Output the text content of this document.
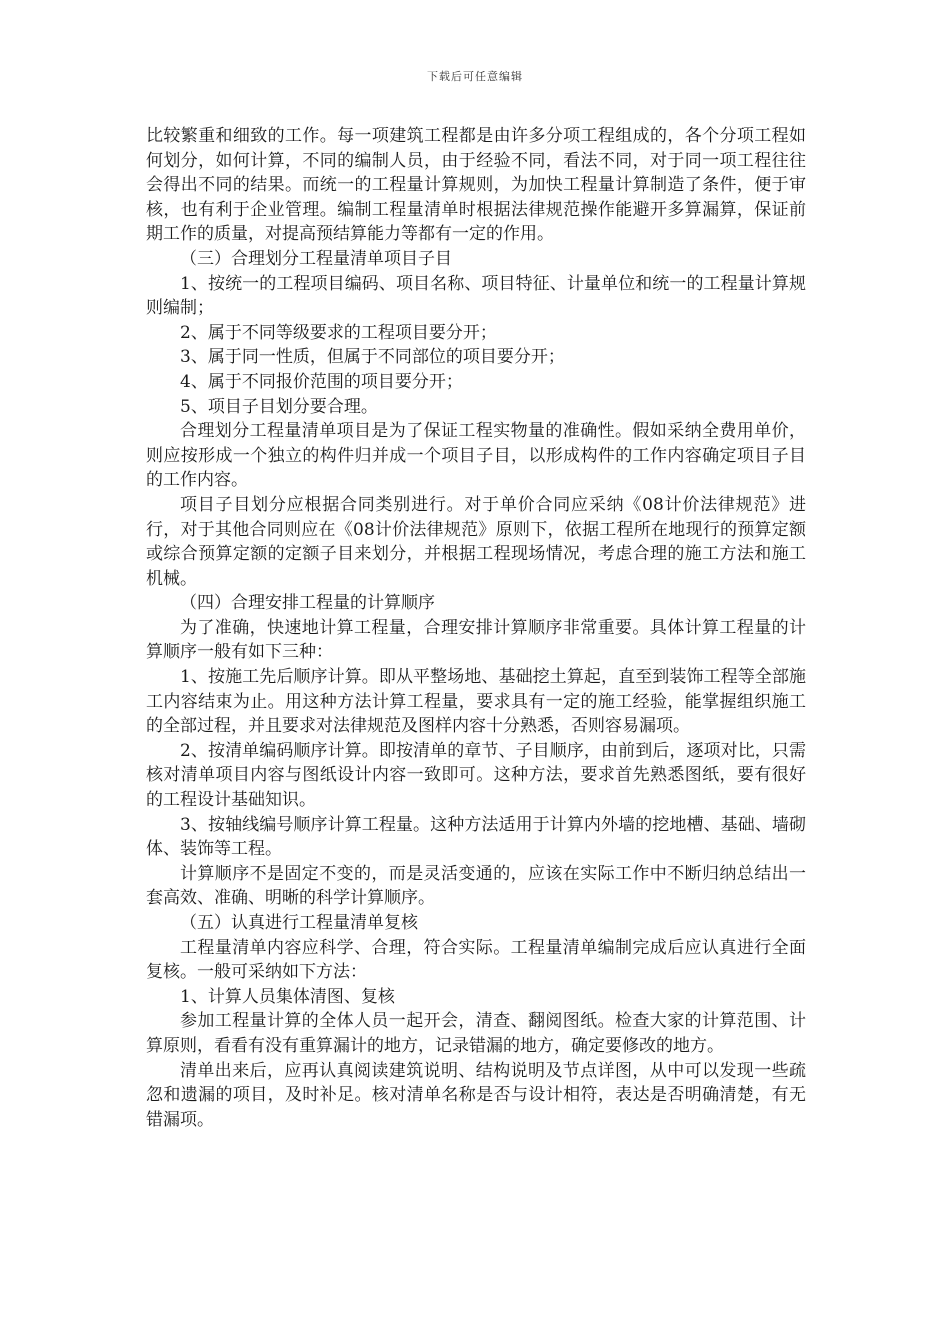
下载后可任意编辑

比较繁重和细致的工作。每一项建筑工程都是由许多分项工程组成的，各个分项工程如何划分，如何计算，不同的编制人员，由于经验不同，看法不同，对于同一项工程往往会得出不同的结果。而统一的工程量计算规则，为加快工程量计算制造了条件，便于审核，也有利于企业管理。编制工程量清单时根据法律规范操作能避开多算漏算，保证前期工作的质量，对提高预结算能力等都有一定的作用。

（三）合理划分工程量清单项目子目

1、按统一的工程项目编码、项目名称、项目特征、计量单位和统一的工程量计算规则编制；

2、属于不同等级要求的工程项目要分开；

3、属于同一性质，但属于不同部位的项目要分开；

4、属于不同报价范围的项目要分开；

5、项目子目划分要合理。

合理划分工程量清单项目是为了保证工程实物量的准确性。假如采纳全费用单价，则应按形成一个独立的构件归并成一个项目子目，以形成构件的工作内容确定项目子目的工作内容。

项目子目划分应根据合同类别进行。对于单价合同应采纳《08计价法律规范》进行，对于其他合同则应在《08计价法律规范》原则下，依据工程所在地现行的预算定额或综合预算定额的定额子目来划分，并根据工程现场情况，考虑合理的施工方法和施工机械。

（四）合理安排工程量的计算顺序

为了准确，快速地计算工程量，合理安排计算顺序非常重要。具体计算工程量的计算顺序一般有如下三种：

1、按施工先后顺序计算。即从平整场地、基础挖土算起，直至到装饰工程等全部施工内容结束为止。用这种方法计算工程量，要求具有一定的施工经验，能掌握组织施工的全部过程，并且要求对法律规范及图样内容十分熟悉，否则容易漏项。

2、按清单编码顺序计算。即按清单的章节、子目顺序，由前到后，逐项对比，只需核对清单项目内容与图纸设计内容一致即可。这种方法，要求首先熟悉图纸，要有很好的工程设计基础知识。

3、按轴线编号顺序计算工程量。这种方法适用于计算内外墙的挖地槽、基础、墙砌体、装饰等工程。

计算顺序不是固定不变的，而是灵活变通的，应该在实际工作中不断归纳总结出一套高效、准确、明晰的科学计算顺序。

（五）认真进行工程量清单复核

工程量清单内容应科学、合理，符合实际。工程量清单编制完成后应认真进行全面复核。一般可采纳如下方法：

1、计算人员集体清图、复核

参加工程量计算的全体人员一起开会，清查、翻阅图纸。检查大家的计算范围、计算原则，看看有没有重算漏计的地方，记录错漏的地方，确定要修改的地方。

清单出来后，应再认真阅读建筑说明、结构说明及节点详图，从中可以发现一些疏忽和遗漏的项目，及时补足。核对清单名称是否与设计相符，表达是否明确清楚，有无错漏项。
